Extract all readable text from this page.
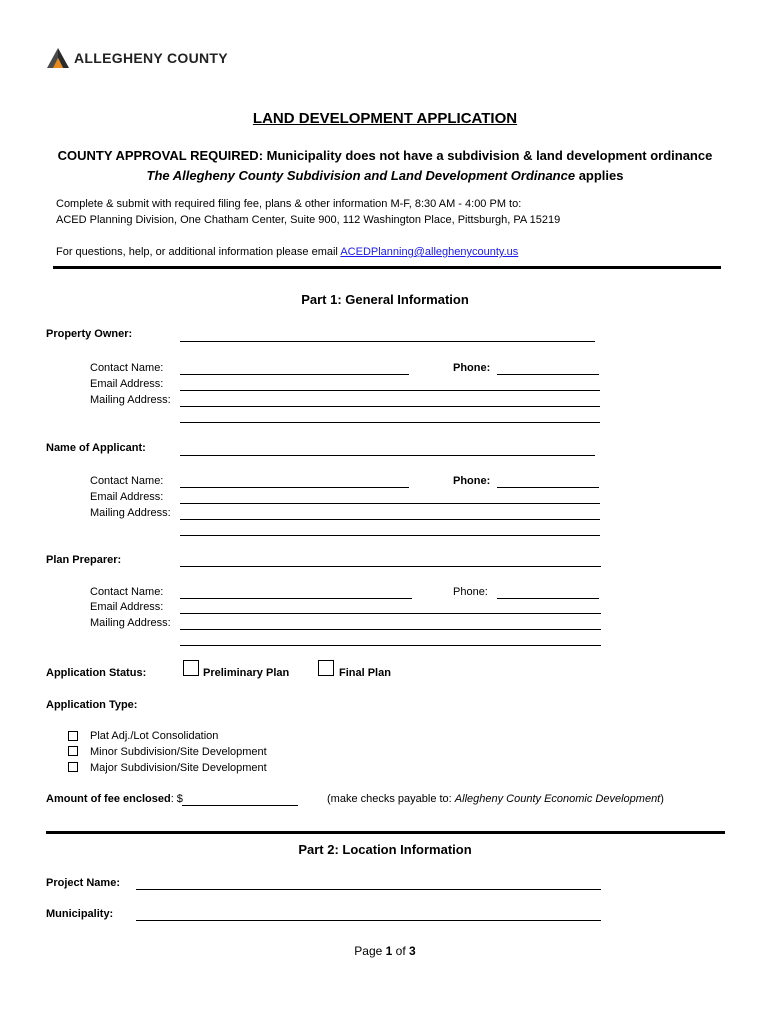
ALLEGHENY COUNTY
LAND DEVELOPMENT APPLICATION
COUNTY APPROVAL REQUIRED: Municipality does not have a subdivision & land development ordinance
The Allegheny County Subdivision and Land Development Ordinance applies
Complete & submit with required filing fee, plans & other information M-F, 8:30 AM - 4:00 PM to:
ACED Planning Division, One Chatham Center, Suite 900, 112 Washington Place, Pittsburgh, PA 15219
For questions, help, or additional information please email ACEDPlanning@alleghenycounty.us
Part 1: General Information
Property Owner:
Contact Name:	Phone:
Email Address:
Mailing Address:
Name of Applicant:
Contact Name:	Phone:
Email Address:
Mailing Address:
Plan Preparer:
Contact Name:	Phone:
Email Address:
Mailing Address:
Application Status:	Preliminary Plan	Final Plan
Application Type:
Plat Adj./Lot Consolidation
Minor Subdivision/Site Development
Major Subdivision/Site Development
Amount of fee enclosed: $	(make checks payable to: Allegheny County Economic Development)
Part 2: Location Information
Project Name:
Municipality:
Page 1 of 3
